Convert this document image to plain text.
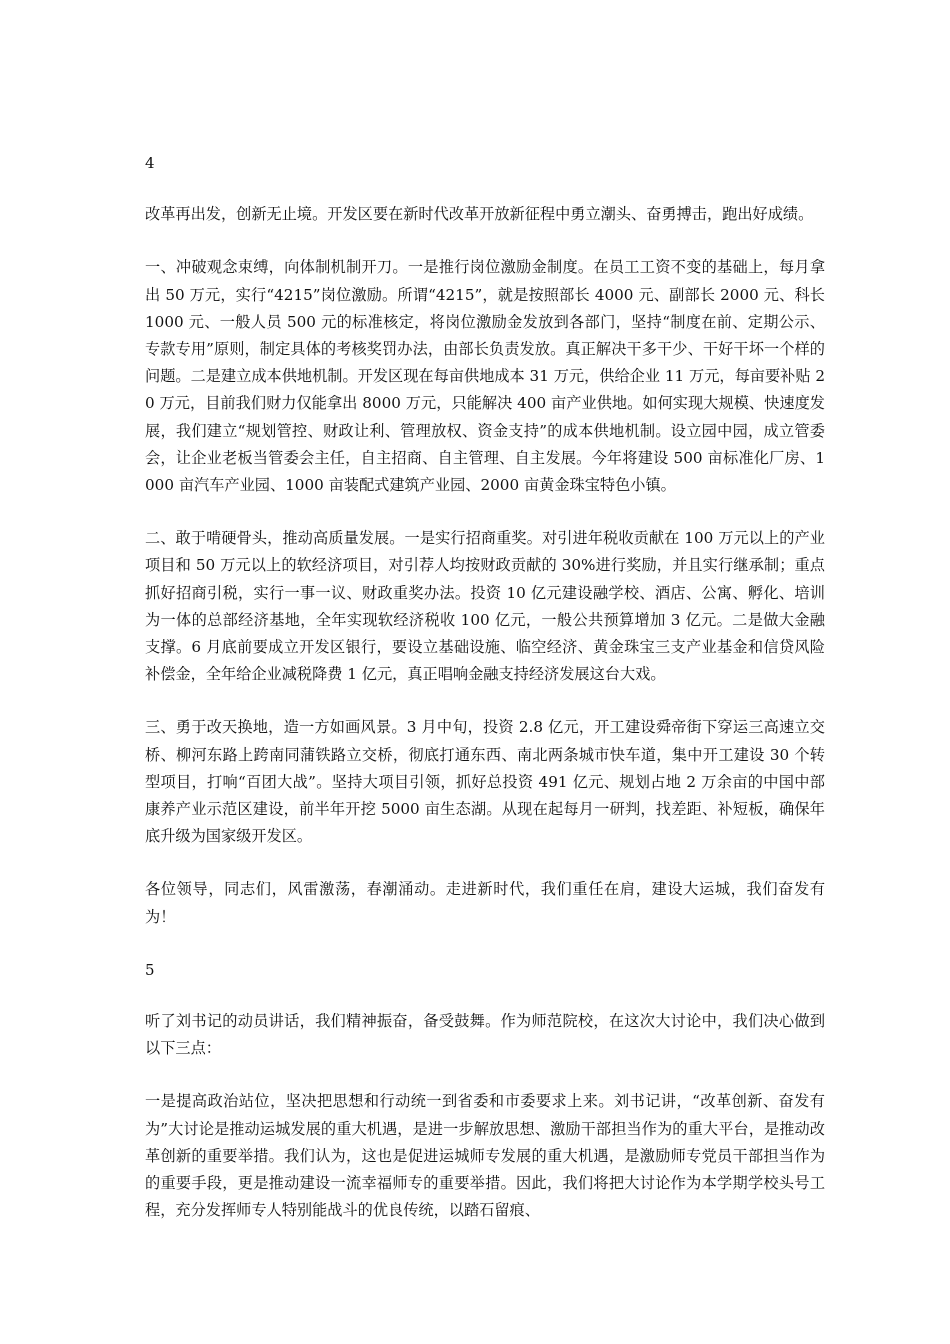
4

改革再出发，创新无止境。开发区要在新时代改革开放新征程中勇立潮头、奋勇搏击，跑出好成绩。

一、冲破观念束缚，向体制机制开刀。一是推行岗位激励金制度。在员工工资不变的基础上，每月拿出 50 万元，实行“4215”岗位激励。所谓“4215”，就是按照部长 4000 元、副部长 2000 元、科长 1000 元、一般人员 500 元的标准核定，将岗位激励金发放到各部门，坚持“制度在前、定期公示、专款专用”原则，制定具体的考核奖罚办法，由部长负责发放。真正解决干多干少、干好干坏一个样的问题。二是建立成本供地机制。开发区现在每亩供地成本 31 万元，供给企业 11 万元，每亩要补贴 20 万元，目前我们财力仅能拿出 8000 万元，只能解决 400 亩产业供地。如何实现大规模、快速度发展，我们建立“规划管控、财政让利、管理放权、资金支持”的成本供地机制。设立园中园，成立管委会，让企业老板当管委会主任，自主招商、自主管理、自主发展。今年将建设 500 亩标准化厂房、1000 亩汽车产业园、1000 亩装配式建筑产业园、2000 亩黄金珠宝特色小镇。

二、敢于啃硬骨头，推动高质量发展。一是实行招商重奖。对引进年税收贡献在 100 万元以上的产业项目和 50 万元以上的软经济项目，对引荐人均按财政贡献的 30%进行奖励，并且实行继承制；重点抓好招商引税，实行一事一议、财政重奖办法。投资 10 亿元建设融学校、酒店、公寓、孵化、培训为一体的总部经济基地，全年实现软经济税收 100 亿元，一般公共预算增加 3 亿元。二是做大金融支撑。6 月底前要成立开发区银行，要设立基础设施、临空经济、黄金珠宝三支产业基金和信贷风险补偿金，全年给企业减税降费 1 亿元，真正唱响金融支持经济发展这台大戏。

三、勇于改天换地，造一方如画风景。3 月中旬，投资 2.8 亿元，开工建设舜帝街下穿运三高速立交桥、柳河东路上跨南同蒲铁路立交桥，彻底打通东西、南北两条城市快车道，集中开工建设 30 个转型项目，打响“百团大战”。坚持大项目引领，抓好总投资 491 亿元、规划占地 2 万余亩的中国中部康养产业示范区建设，前半年开挖 5000 亩生态湖。从现在起每月一研判，找差距、补短板，确保年底升级为国家级开发区。

各位领导，同志们，风雷激荡，春潮涌动。走进新时代，我们重任在肩，建设大运城，我们奋发有为！

5

听了刘书记的动员讲话，我们精神振奋，备受鼓舞。作为师范院校，在这次大讨论中，我们决心做到以下三点：

一是提高政治站位，坚决把思想和行动统一到省委和市委要求上来。刘书记讲，“改革创新、奋发有为”大讨论是推动运城发展的重大机遇，是进一步解放思想、激励干部担当作为的重大平台，是推动改革创新的重要举措。我们认为，这也是促进运城师专发展的重大机遇，是激励师专党员干部担当作为的重要手段，更是推动建设一流幸福师专的重要举措。因此，我们将把大讨论作为本学期学校头号工程，充分发挥师专人特别能战斗的优良传统，以踏石留痕、
